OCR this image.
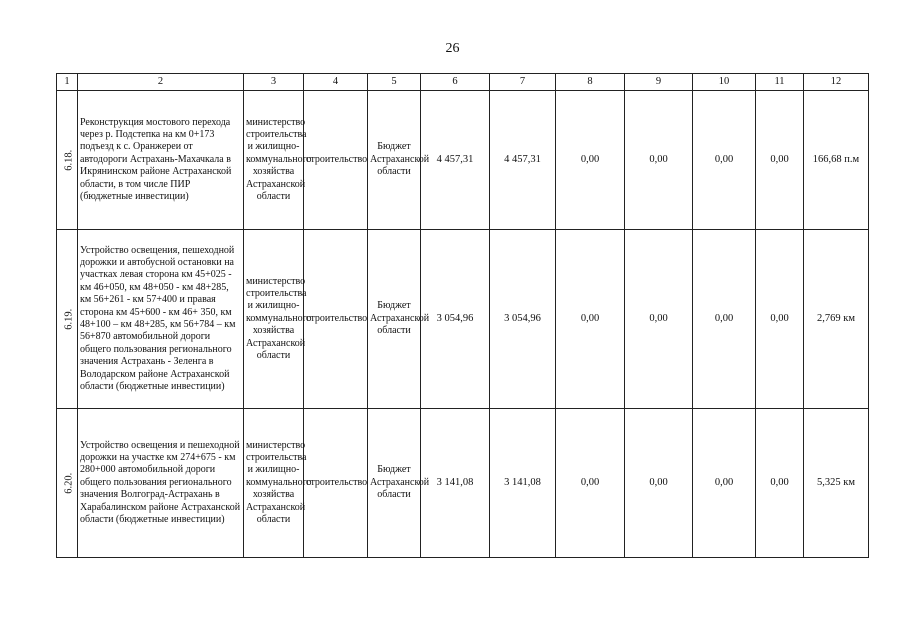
26
1	2	3	4	5	6	7	8	9	10	11	12
6.18.	Реконструкция мостового перехода через р. Подстепка на км 0+173 подъезд к с. Оранжереи от автодороги Астрахань-Махачкала в Икрянинском районе Астраханской области, в том числе ПИР (бюджетные инвестиции)	министерство строительства и жилищно-коммунального хозяйства Астраханской области	строительство	Бюджет Астраханской области	4 457,31	4 457,31	0,00	0,00	0,00	0,00	166,68 п.м
6.19.	Устройство освещения, пешеходной дорожки и автобусной остановки на участках левая сторона км 45+025 - км 46+050, км 48+050 - км 48+285, км 56+261 - км 57+400 и правая сторона км 45+600 - км 46+ 350, км 48+100 – км 48+285, км 56+784 – км 56+870 автомобильной дороги общего пользования регионального значения Астрахань - Зеленга в Володарском районе Астраханской области (бюджетные инвестиции)	министерство строительства и жилищно-коммунального хозяйства Астраханской области	строительство	Бюджет Астраханской области	3 054,96	3 054,96	0,00	0,00	0,00	0,00	2,769 км
6.20.	Устройство освещения и пешеходной дорожки на участке км 274+675 - км 280+000 автомобильной дороги общего пользования регионального значения Волгоград-Астрахань в Харабалинском районе Астраханской области (бюджетные инвестиции)	министерство строительства и жилищно-коммунального хозяйства Астраханской области	строительство	Бюджет Астраханской области	3 141,08	3 141,08	0,00	0,00	0,00	0,00	5,325 км
